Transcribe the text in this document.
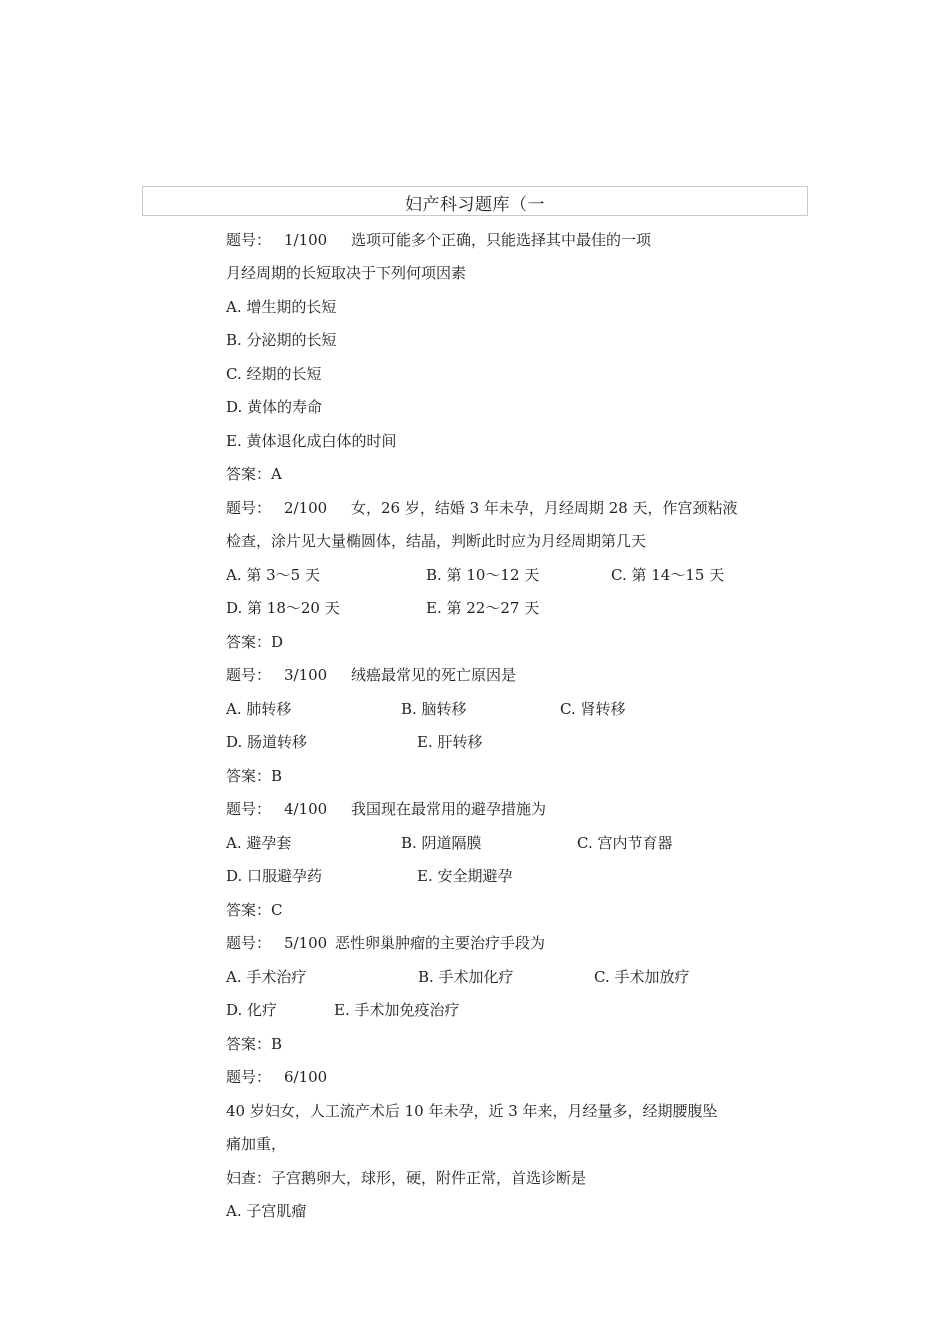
妇产科习题库（一
题号： 1/100 选项可能多个正确，只能选择其中最佳的一项
月经周期的长短取决于下列何项因素
A. 增生期的长短
B. 分泌期的长短
C. 经期的长短
D. 黄体的寿命
E. 黄体退化成白体的时间
答案：A
题号： 2/100 女，26 岁，结婚 3 年未孕，月经周期 28 天，作宫颈粘液
检查，涂片见大量椭圆体，结晶，判断此时应为月经周期第几天
A. 第 3～5 天	B. 第 10～12 天	C. 第 14～15 天
D. 第 18～20 天	E. 第 22～27 天
答案：D
题号： 3/100 绒癌最常见的死亡原因是
A. 肺转移	B. 脑转移	C. 肾转移
D. 肠道转移	E. 肝转移
答案：B
题号： 4/100 我国现在最常用的避孕措施为
A. 避孕套	B. 阴道隔膜	C. 宫内节育器
D. 口服避孕药	E. 安全期避孕
答案：C
题号： 5/100 恶性卵巢肿瘤的主要治疗手段为
A. 手术治疗	B. 手术加化疗	C. 手术加放疗
D. 化疗	E. 手术加免疫治疗
答案：B
题号： 6/100
40 岁妇女，人工流产术后 10 年未孕，近 3 年来，月经量多，经期腰腹坠
痛加重，
妇查：子宫鹅卵大，球形，硬，附件正常，首选诊断是
A. 子宫肌瘤
